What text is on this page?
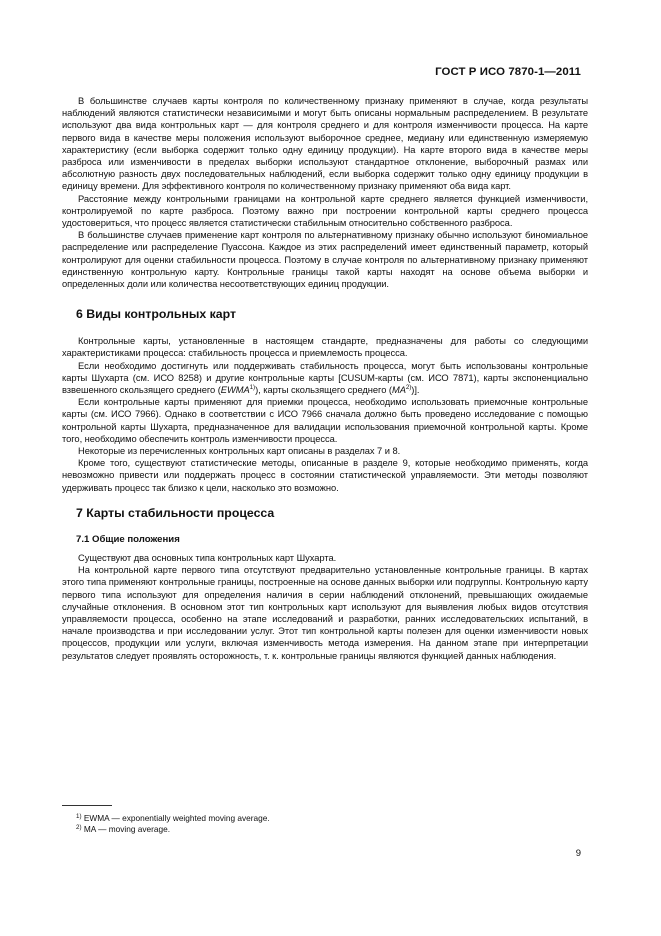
ГОСТ Р ИСО 7870-1—2011

В большинстве случаев карты контроля по количественному признаку применяют в случае, когда результаты наблюдений являются статистически независимыми и могут быть описаны нормальным распределением. В результате используют два вида контрольных карт — для контроля среднего и для контроля изменчивости процесса. На карте первого вида в качестве меры положения используют выборочное среднее, медиану или единственную измеряемую характеристику (если выборка содержит только одну единицу продукции). На карте второго вида в качестве меры разброса или изменчивости в пределах выборки используют стандартное отклонение, выборочный размах или абсолютную разность двух последовательных наблюдений, если выборка содержит только одну единицу продукции в единицу времени. Для эффективного контроля по количественному признаку применяют оба вида карт.

Расстояние между контрольными границами на контрольной карте среднего является функцией изменчивости, контролируемой по карте разброса. Поэтому важно при построении контрольной карты среднего процесса удостовериться, что процесс является статистически стабильным относительно собственного разброса.

В большинстве случаев применение карт контроля по альтернативному признаку обычно используют биномиальное распределение или распределение Пуассона. Каждое из этих распределений имеет единственный параметр, который контролируют для оценки стабильности процесса. Поэтому в случае контроля по альтернативному признаку применяют единственную контрольную карту. Контрольные границы такой карты находят на основе объема выборки и определенных доли или количества несоответствующих единиц продукции.

6 Виды контрольных карт

Контрольные карты, установленные в настоящем стандарте, предназначены для работы со следующими характеристиками процесса: стабильность процесса и приемлемость процесса.

Если необходимо достигнуть или поддерживать стабильность процесса, могут быть использованы контрольные карты Шухарта (см. ИСО 8258) и другие контрольные карты [CUSUM-карты (см. ИСО 7871), карты экспоненциально взвешенного скользящего среднего (EWMA$^{1)}$), карты скользящего среднего (MA$^{2)}$)].

Если контрольные карты применяют для приемки процесса, необходимо использовать приемочные контрольные карты (см. ИСО 7966). Однако в соответствии с ИСО 7966 сначала должно быть проведено исследование с помощью контрольной карты Шухарта, предназначенное для валидации использования приемочной контрольной карты. Кроме того, необходимо обеспечить контроль изменчивости процесса.

Некоторые из перечисленных контрольных карт описаны в разделах 7 и 8.

Кроме того, существуют статистические методы, описанные в разделе 9, которые необходимо применять, когда невозможно привести или поддержать процесс в состоянии статистической управляемости. Эти методы позволяют удерживать процесс так близко к цели, насколько это возможно.

7 Карты стабильности процесса
7.1 Общие положения

Существуют два основных типа контрольных карт Шухарта.

На контрольной карте первого типа отсутствуют предварительно установленные контрольные границы. В картах этого типа применяют контрольные границы, построенные на основе данных выборки или подгруппы. Контрольную карту первого типа используют для определения наличия в серии наблюдений отклонений, превышающих ожидаемые случайные отклонения. В основном этот тип контрольных карт используют для выявления любых видов отсутствия управляемости процесса, особенно на этапе исследований и разработки, ранних исследовательских испытаний, в начале производства и при исследовании услуг. Этот тип контрольной карты полезен для оценки изменчивости новых процессов, продукции или услуги, включая изменчивость метода измерения. На данном этапе при интерпретации результатов следует проявлять осторожность, т. к. контрольные границы являются функцией данных наблюдения.

$^{1)}$ EWMA — exponentially weighted moving average.
$^{2)}$ MA — moving average.
9
